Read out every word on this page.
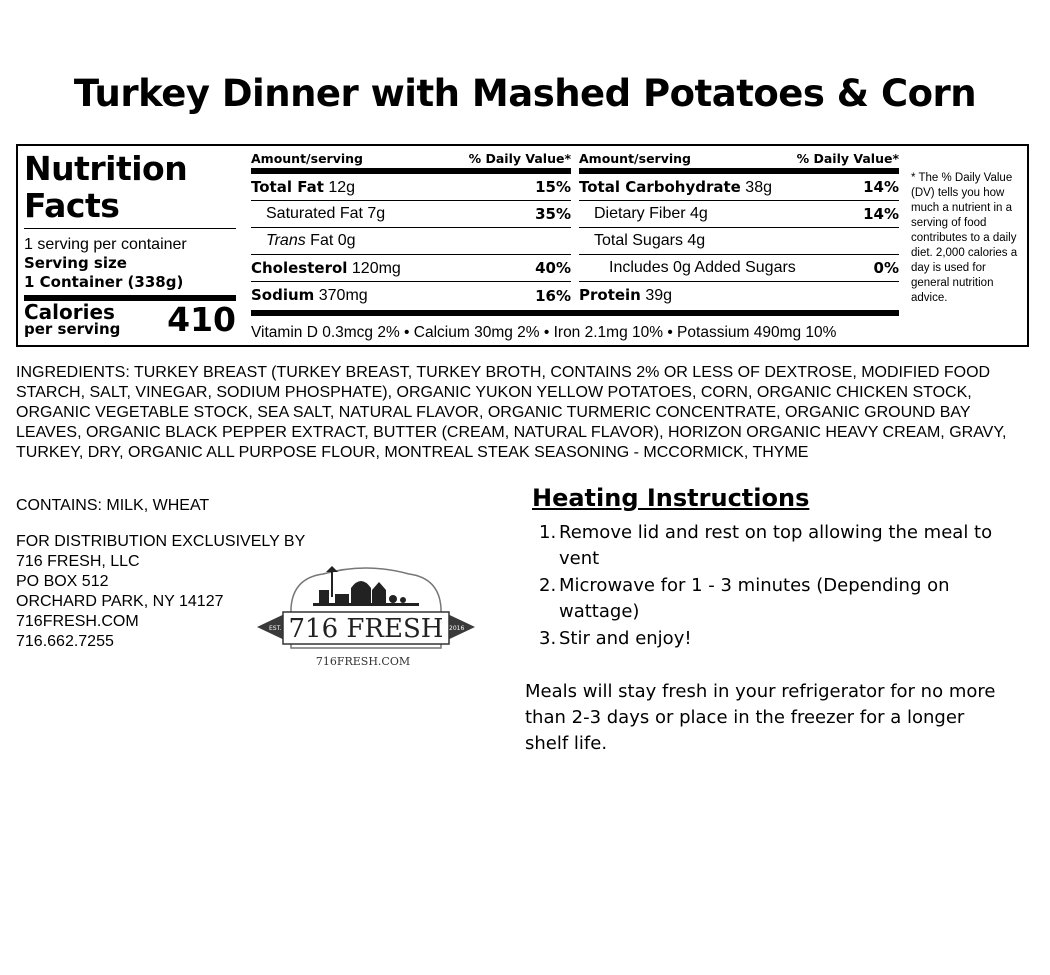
Turkey Dinner with Mashed Potatoes & Corn
Nutrition
Facts
1 serving per container
Serving size
1 Container (338g)
Calories
per serving 410
Amount/serving	% Daily Value*
Total Fat 12g	15%
Saturated Fat 7g	35%
Trans Fat 0g
Cholesterol 120mg	40%
Sodium 370mg	16%
Amount/serving	% Daily Value*
Total Carbohydrate 38g	14%
Dietary Fiber 4g	14%
Total Sugars 4g
Includes 0g Added Sugars	0%
Protein 39g
Vitamin D 0.3mcg 2% • Calcium 30mg 2% • Iron 2.1mg 10% • Potassium 490mg 10%
* The % Daily Value (DV) tells you how much a nutrient in a serving of food contributes to a daily diet. 2,000 calories a day is used for general nutrition advice.
INGREDIENTS: TURKEY BREAST (TURKEY BREAST, TURKEY BROTH, CONTAINS 2% OR LESS OF DEXTROSE, MODIFIED FOOD STARCH, SALT, VINEGAR, SODIUM PHOSPHATE), ORGANIC YUKON YELLOW POTATOES, CORN, ORGANIC CHICKEN STOCK, ORGANIC VEGETABLE STOCK, SEA SALT, NATURAL FLAVOR, ORGANIC TURMERIC CONCENTRATE, ORGANIC GROUND BAY LEAVES, ORGANIC BLACK PEPPER EXTRACT, BUTTER (CREAM, NATURAL FLAVOR), HORIZON ORGANIC HEAVY CREAM, GRAVY, TURKEY, DRY, ORGANIC ALL PURPOSE FLOUR, MONTREAL STEAK SEASONING - MCCORMICK, THYME
CONTAINS: MILK, WHEAT
FOR DISTRIBUTION EXCLUSIVELY BY
716 FRESH, LLC
PO BOX 512
ORCHARD PARK, NY 14127
716FRESH.COM
716.662.7255	716 FRESH
EST.	2016
716FRESH.COM
Heating Instructions
1. Remove lid and rest on top allowing the meal to vent
2. Microwave for 1 - 3 minutes (Depending on wattage)
3. Stir and enjoy!
Meals will stay fresh in your refrigerator for no more than 2-3 days or place in the freezer for a longer shelf life.
